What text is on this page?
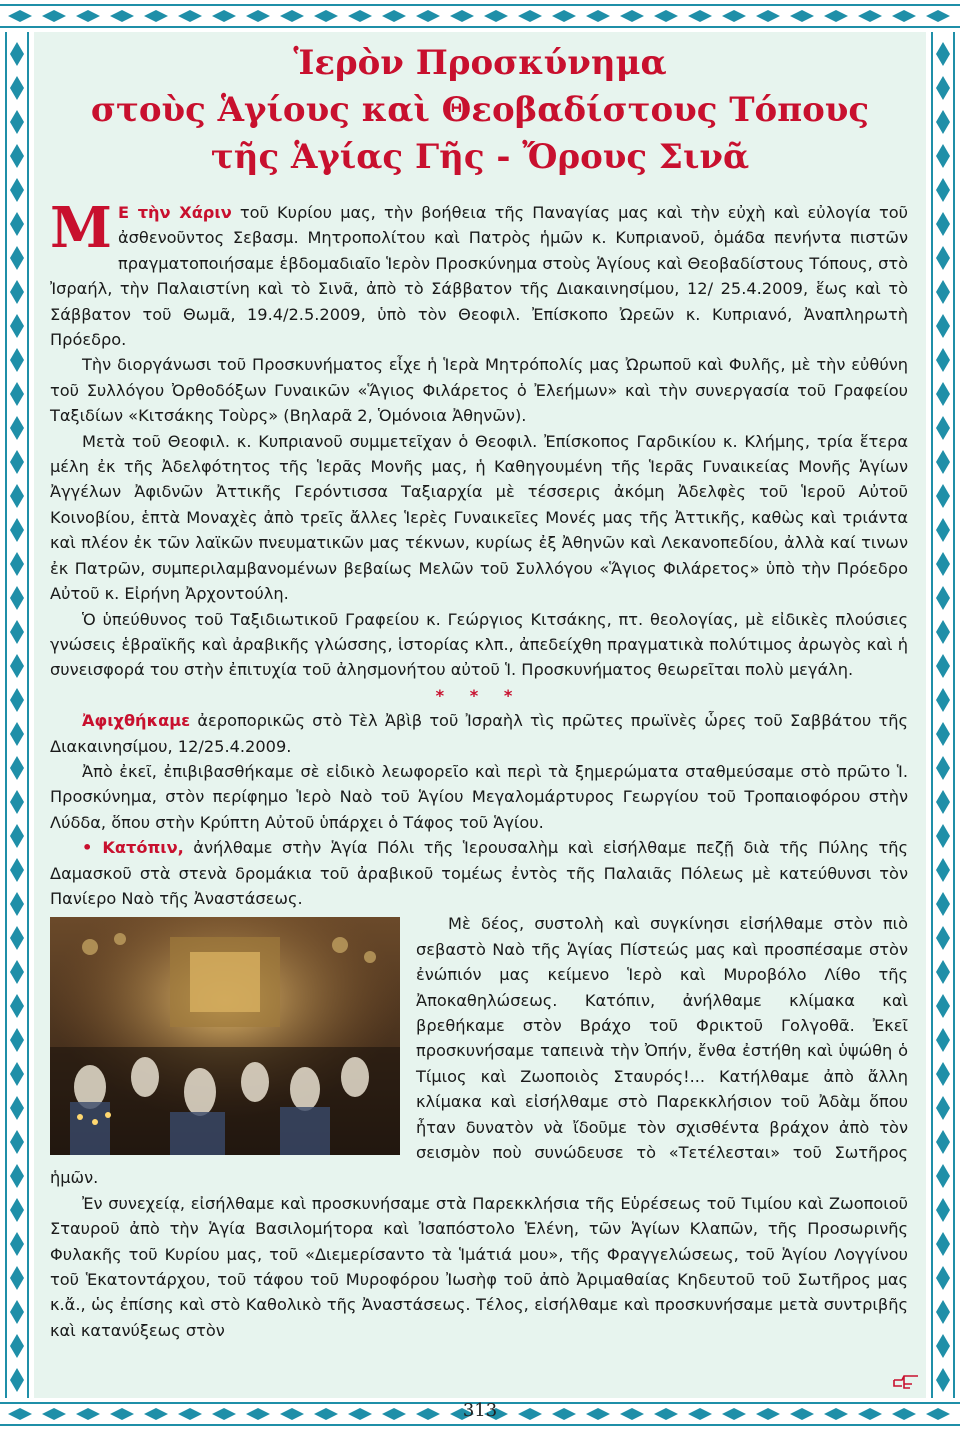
Ἱερὸν Προσκύνημα
στοὺς Ἁγίους καὶ Θεοβαδίστους Τόπους
τῆς Ἁγίας Γῆς - Ὄρους Σινᾶ

Μ Ε τὴν Χάριν τοῦ Κυρίου μας, τὴν βοήθεια τῆς Παναγίας μας καὶ τὴν εὐχὴ καὶ εὐλογία τοῦ ἀσθενοῦντος Σεβασμ. Μητροπολίτου καὶ Πατρὸς ἡμῶν κ. Κυπριανοῦ, ὁμάδα πενήντα πιστῶν πραγματοποιήσαμε ἑβδομαδιαῖο Ἱερὸν Προσκύνημα στοὺς Ἁγίους καὶ Θεοβαδίστους Τόπους, στὸ Ἰσραήλ, τὴν Παλαιστίνη καὶ τὸ Σινᾶ, ἀπὸ τὸ Σάββατον τῆς Διακαινησίμου, 12/ 25.4.2009, ἕως καὶ τὸ Σάββατον τοῦ Θωμᾶ, 19.4/2.5.2009, ὑπὸ τὸν Θεοφιλ. Ἐπίσκοπο Ὠρεῶν κ. Κυπριανό, Ἀναπληρωτὴ Πρόεδρο.

Τὴν διοργάνωσι τοῦ Προσκυνήματος εἶχε ἡ Ἱερὰ Μητρόπολίς μας Ὠρωποῦ καὶ Φυλῆς, μὲ τὴν εὐθύνη τοῦ Συλλόγου Ὀρθοδόξων Γυναικῶν «Ἅγιος Φιλάρετος ὁ Ἐλεήμων» καὶ τὴν συνεργασία τοῦ Γραφείου Ταξιδίων «Κιτσάκης Τοὺρς» (Βηλαρᾶ 2, Ὁμόνοια Ἀθηνῶν).

Μετὰ τοῦ Θεοφιλ. κ. Κυπριανοῦ συμμετεῖχαν ὁ Θεοφιλ. Ἐπίσκοπος Γαρδικίου κ. Κλήμης, τρία ἕτερα μέλη ἐκ τῆς Ἀδελφότητος τῆς Ἱερᾶς Μονῆς μας, ἡ Καθηγουμένη τῆς Ἱερᾶς Γυναικείας Μονῆς Ἁγίων Ἀγγέλων Ἀφιδνῶν Ἀττικῆς Γερόντισσα Ταξιαρχία μὲ τέσσερις ἀκόμη Ἀδελφὲς τοῦ Ἱεροῦ Αὐτοῦ Κοινοβίου, ἑπτὰ Μοναχὲς ἀπὸ τρεῖς ἄλλες Ἱερὲς Γυναικεῖες Μονές μας τῆς Ἀττικῆς, καθὼς καὶ τριάντα καὶ πλέον ἐκ τῶν λαϊκῶν πνευματικῶν μας τέκνων, κυρίως ἐξ Ἀθηνῶν καὶ Λεκανοπεδίου, ἀλλὰ καί τινων ἐκ Πατρῶν, συμπεριλαμβανομένων βεβαίως Μελῶν τοῦ Συλλόγου «Ἅγιος Φιλάρετος» ὑπὸ τὴν Πρόεδρο Αὐτοῦ κ. Εἰρήνη Ἀρχοντούλη.

Ὁ ὑπεύθυνος τοῦ Ταξιδιωτικοῦ Γραφείου κ. Γεώργιος Κιτσάκης, πτ. θεολογίας, μὲ εἰδικὲς πλούσιες γνώσεις ἑβραϊκῆς καὶ ἀραβικῆς γλώσσης, ἱστορίας κλπ., ἀπεδείχθη πραγματικὰ πολύτιμος ἀρωγὸς καὶ ἡ συνεισφορά του στὴν ἐπιτυχία τοῦ ἀλησμονήτου αὐτοῦ Ἱ. Προσκυνήματος θεωρεῖται πολὺ μεγάλη.

* * *

Ἀφιχθήκαμε ἀεροπορικῶς στὸ Τὲλ Ἀβὶβ τοῦ Ἰσραὴλ τὶς πρῶτες πρωϊνὲς ὧρες τοῦ Σαββάτου τῆς Διακαινησίμου, 12/25.4.2009.

Ἀπὸ ἐκεῖ, ἐπιβιβασθήκαμε σὲ εἰδικὸ λεωφορεῖο καὶ περὶ τὰ ξημερώματα σταθμεύσαμε στὸ πρῶτο Ἱ. Προσκύνημα, στὸν περίφημο Ἱερὸ Ναὸ τοῦ Ἁγίου Μεγαλομάρτυρος Γεωργίου τοῦ Τροπαιοφόρου στὴν Λύδδα, ὅπου στὴν Κρύπτη Αὐτοῦ ὑπάρχει ὁ Τάφος τοῦ Ἁγίου.

• Κατόπιν, ἀνήλθαμε στὴν Ἁγία Πόλι τῆς Ἱερουσαλὴμ καὶ εἰσήλθαμε πεζῇ διὰ τῆς Πύλης τῆς Δαμασκοῦ στὰ στενὰ δρομάκια τοῦ ἀραβικοῦ τομέως ἐντὸς τῆς Παλαιᾶς Πόλεως μὲ κατεύθυνσι τὸν Πανίερο Ναὸ τῆς Ἀναστάσεως.

Μὲ δέος, συστολὴ καὶ συγκίνησι εἰσήλθαμε στὸν πιὸ σεβαστὸ Ναὸ τῆς Ἁγίας Πίστεώς μας καὶ προσπέσαμε στὸν ἐνώπιόν μας κείμενο Ἱερὸ καὶ Μυροβόλο Λίθο τῆς Ἀποκαθηλώσεως. Κατόπιν, ἀνήλθαμε κλίμακα καὶ βρεθήκαμε στὸν Βράχο τοῦ Φρικτοῦ Γολγοθᾶ. Ἐκεῖ προσκυνήσαμε ταπεινὰ τὴν Ὀπήν, ἔνθα ἐστήθη καὶ ὑψώθη ὁ Τίμιος καὶ Ζωοποιὸς Σταυρός!... Κατήλθαμε ἀπὸ ἄλλη κλίμακα καὶ εἰσήλθαμε στὸ Παρεκκλήσιον τοῦ Ἀδὰμ ὅπου ἦταν δυνατὸν νὰ ἴδοῦμε τὸν σχισθέντα βράχον ἀπὸ τὸν σεισμὸν ποὺ συνώδευσε τὸ «Τετέλεσται» τοῦ Σωτῆρος ἡμῶν.

Ἐν συνεχείᾳ, εἰσήλθαμε καὶ προσκυνήσαμε στὰ Παρεκκλήσια τῆς Εὑρέσεως τοῦ Τιμίου καὶ Ζωοποιοῦ Σταυροῦ ἀπὸ τὴν Ἁγία Βασιλομήτορα καὶ Ἰσαπόστολο Ἑλένη, τῶν Ἁγίων Κλαπῶν, τῆς Προσωρινῆς Φυλακῆς τοῦ Κυρίου μας, τοῦ «Διεμερίσαντο τὰ Ἱμάτιά μου», τῆς Φραγγελώσεως, τοῦ Ἁγίου Λογγίνου τοῦ Ἑκατοντάρχου, τοῦ τάφου τοῦ Μυροφόρου Ἰωσὴφ τοῦ ἀπὸ Ἀριμαθαίας Κηδευτοῦ τοῦ Σωτῆρος μας κ.ἄ., ὡς ἐπίσης καὶ στὸ Καθολικὸ τῆς Ἀναστάσεως. Τέλος, εἰσήλθαμε καὶ προσκυνήσαμε μετὰ συντριβῆς καὶ κατανύξεως στὸν

313
